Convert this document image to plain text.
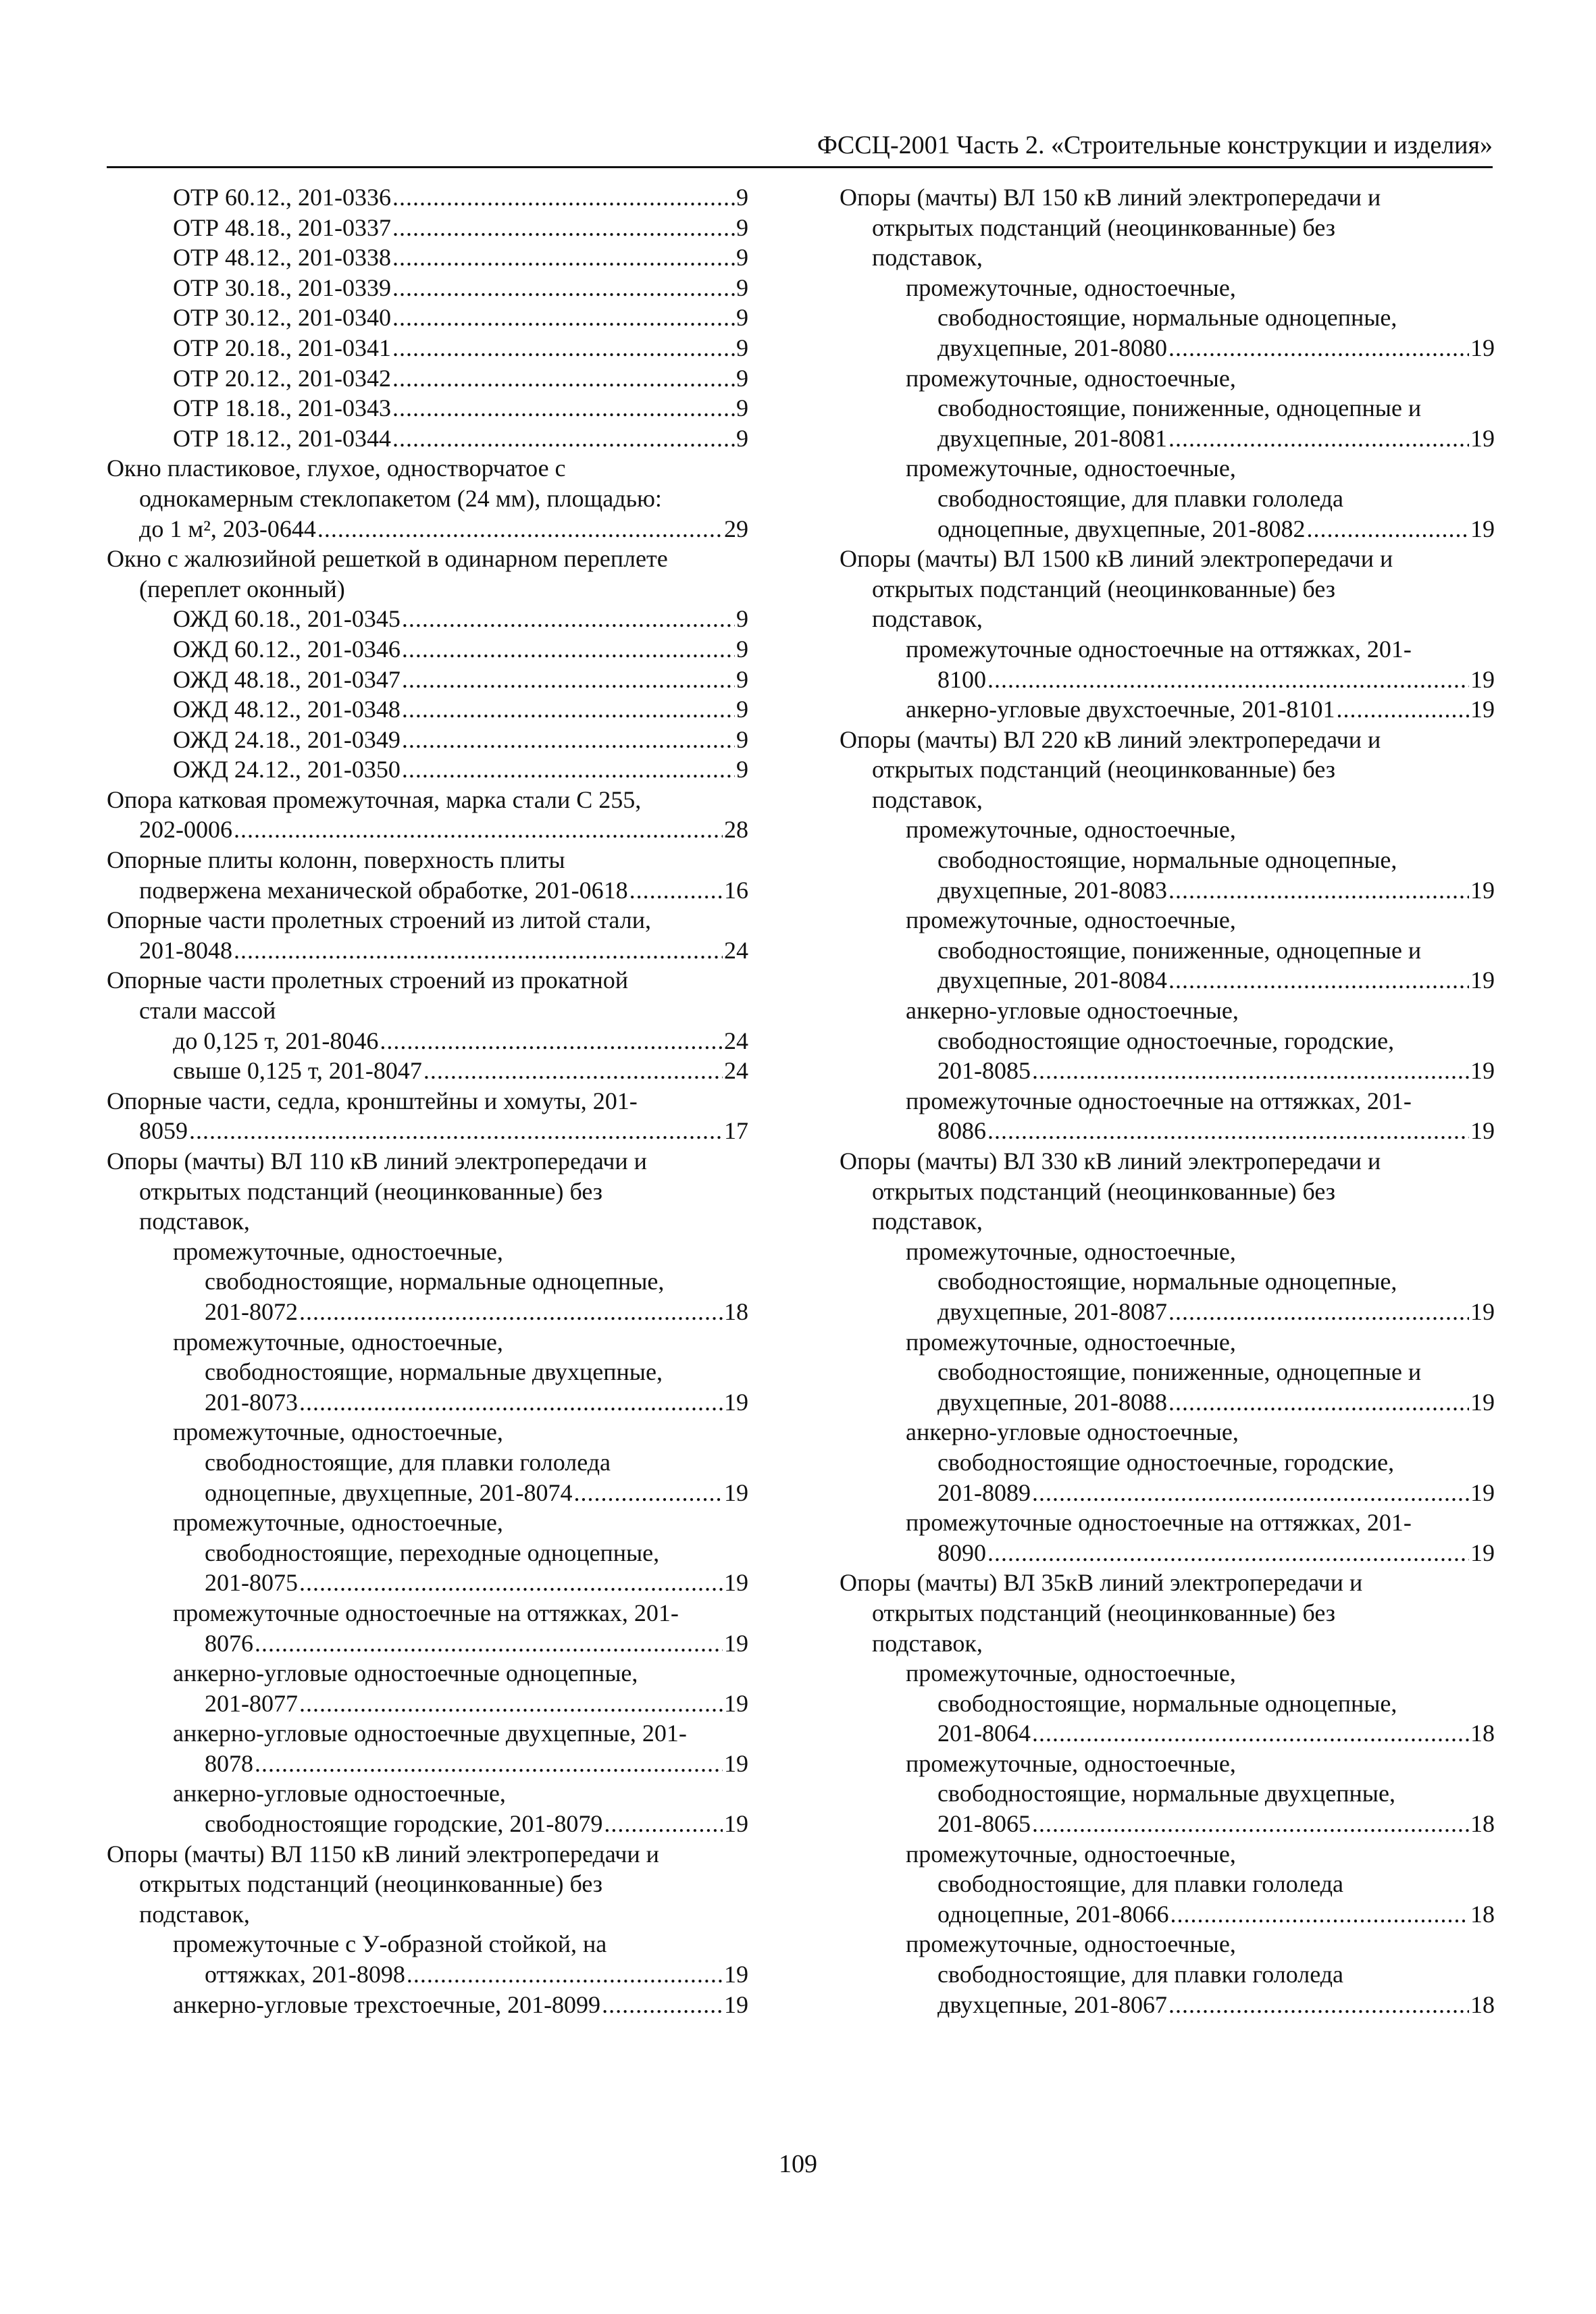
ФССЦ-2001 Часть 2. «Строительные конструкции и изделия»
ОТР 60.12., 201-0336 .....	9
ОТР 48.18., 201-0337 .....	9
ОТР 48.12., 201-0338 .....	9
ОТР 30.18., 201-0339 .....	9
ОТР 30.12., 201-0340 .....	9
ОТР 20.18., 201-0341 .....	9
ОТР 20.12., 201-0342 .....	9
ОТР 18.18., 201-0343 .....	9
ОТР 18.12., 201-0344 .....	9
Окно пластиковое, глухое, одностворчатое с
однокамерным стеклопакетом (24 мм), площадью:
до 1 м², 203-0644 .....	29
Окно с жалюзийной решеткой в одинарном переплете
(переплет оконный)
ОЖД 60.18., 201-0345 .....	9
ОЖД 60.12., 201-0346 .....	9
ОЖД 48.18., 201-0347 .....	9
ОЖД 48.12., 201-0348 .....	9
ОЖД 24.18., 201-0349 .....	9
ОЖД 24.12., 201-0350 .....	9
Опора катковая промежуточная, марка стали С 255,
202-0006 .....	28
Опорные плиты колонн, поверхность плиты
подвержена механической обработке, 201-0618 .....	16
Опорные части пролетных строений из литой стали,
201-8048 .....	24
Опорные части пролетных строений из прокатной
стали массой
до 0,125 т, 201-8046 .....	24
свыше 0,125 т, 201-8047 .....	24
Опорные части, седла, кронштейны и хомуты, 201-
8059 .....	17
Опоры (мачты) ВЛ 110 кВ линий электропередачи и
открытых подстанций (неоцинкованные) без
подставок,
промежуточные, одностоечные,
свободностоящие, нормальные одноцепные,
201-8072 .....	18
промежуточные, одностоечные,
свободностоящие, нормальные двухцепные,
201-8073 .....	19
промежуточные, одностоечные,
свободностоящие, для плавки гололеда
одноцепные, двухцепные, 201-8074 .....	19
промежуточные, одностоечные,
свободностоящие, переходные одноцепные,
201-8075 .....	19
промежуточные одностоечные на оттяжках, 201-
8076 .....	19
анкерно-угловые одностоечные одноцепные,
201-8077 .....	19
анкерно-угловые одностоечные двухцепные, 201-
8078 .....	19
анкерно-угловые одностоечные,
свободностоящие городские, 201-8079 .....	19
Опоры (мачты) ВЛ 1150 кВ линий электропередачи и
открытых подстанций (неоцинкованные) без
подставок,
промежуточные с У-образной стойкой, на
оттяжках, 201-8098 .....	19
анкерно-угловые трехстоечные, 201-8099 .....	19
Опоры (мачты) ВЛ 150 кВ линий электропередачи и
открытых подстанций (неоцинкованные) без
подставок,
промежуточные, одностоечные,
свободностоящие, нормальные одноцепные,
двухцепные, 201-8080 .....	19
промежуточные, одностоечные,
свободностоящие, пониженные, одноцепные и
двухцепные, 201-8081 .....	19
промежуточные, одностоечные,
свободностоящие, для плавки гололеда
одноцепные, двухцепные, 201-8082 .....	19
Опоры (мачты) ВЛ 1500 кВ линий электропередачи и
открытых подстанций (неоцинкованные) без
подставок,
промежуточные одностоечные на оттяжках, 201-
8100 .....	19
анкерно-угловые двухстоечные, 201-8101 .....	19
Опоры (мачты) ВЛ 220 кВ линий электропередачи и
открытых подстанций (неоцинкованные) без
подставок,
промежуточные, одностоечные,
свободностоящие, нормальные одноцепные,
двухцепные, 201-8083 .....	19
промежуточные, одностоечные,
свободностоящие, пониженные, одноцепные и
двухцепные, 201-8084 .....	19
анкерно-угловые одностоечные,
свободностоящие одностоечные, городские,
201-8085 .....	19
промежуточные одностоечные на оттяжках, 201-
8086 .....	19
Опоры (мачты) ВЛ 330 кВ линий электропередачи и
открытых подстанций (неоцинкованные) без
подставок,
промежуточные, одностоечные,
свободностоящие, нормальные одноцепные,
двухцепные, 201-8087 .....	19
промежуточные, одностоечные,
свободностоящие, пониженные, одноцепные и
двухцепные, 201-8088 .....	19
анкерно-угловые одностоечные,
свободностоящие одностоечные, городские,
201-8089 .....	19
промежуточные одностоечные на оттяжках, 201-
8090 .....	19
Опоры (мачты) ВЛ 35кВ линий электропередачи и
открытых подстанций (неоцинкованные) без
подставок,
промежуточные, одностоечные,
свободностоящие, нормальные одноцепные,
201-8064 .....	18
промежуточные, одностоечные,
свободностоящие, нормальные двухцепные,
201-8065 .....	18
промежуточные, одностоечные,
свободностоящие, для плавки гололеда
одноцепные, 201-8066 .....	18
промежуточные, одностоечные,
свободностоящие, для плавки гололеда
двухцепные, 201-8067 .....	18
109
